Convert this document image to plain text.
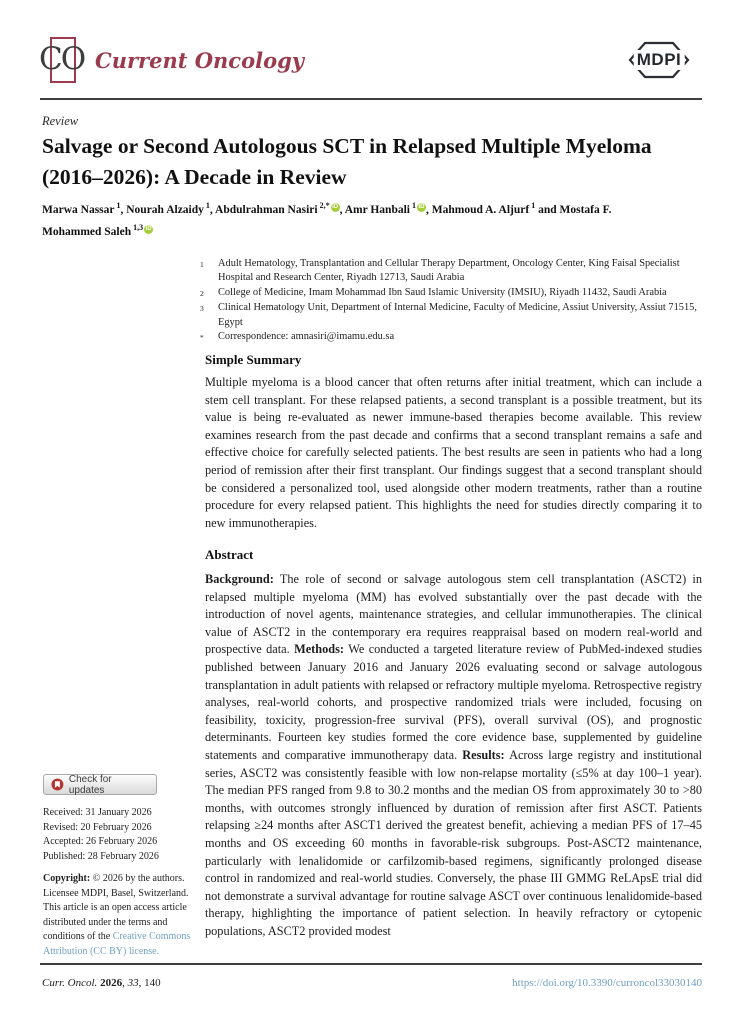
CO Current Oncology	MDPI
Review
Salvage or Second Autologous SCT in Relapsed Multiple Myeloma (2016–2026): A Decade in Review
Marwa Nassar $^1$, Nourah Alzaidy $^1$, Abdulrahman Nasiri $^{2,*}$ iD , Amr Hanbali $^1$ iD , Mahmoud A. Aljurf $^1$ and Mostafa F. Mohammed Saleh $^{1,3}$ iD
1	Adult Hematology, Transplantation and Cellular Therapy Department, Oncology Center, King Faisal Specialist Hospital and Research Center, Riyadh 12713, Saudi Arabia
2	College of Medicine, Imam Mohammad Ibn Saud Islamic University (IMSIU), Riyadh 11432, Saudi Arabia
3	Clinical Hematology Unit, Department of Internal Medicine, Faculty of Medicine, Assiut University, Assiut 71515, Egypt
*	Correspondence: amnasiri@imamu.edu.sa
Simple Summary

Multiple myeloma is a blood cancer that often returns after initial treatment, which can include a stem cell transplant. For these relapsed patients, a second transplant is a possible treatment, but its value is being re-evaluated as newer immune-based therapies become available. This review examines research from the past decade and confirms that a second transplant remains a safe and effective choice for carefully selected patients. The best results are seen in patients who had a long period of remission after their first transplant. Our findings suggest that a second transplant should be considered a personalized tool, used alongside other modern treatments, rather than a routine procedure for every relapsed patient. This highlights the need for studies directly comparing it to new immunotherapies.

Abstract

Background: The role of second or salvage autologous stem cell transplantation (ASCT2) in relapsed multiple myeloma (MM) has evolved substantially over the past decade with the introduction of novel agents, maintenance strategies, and cellular immunotherapies. The clinical value of ASCT2 in the contemporary era requires reappraisal based on modern real-world and prospective data. Methods: We conducted a targeted literature review of PubMed-indexed studies published between January 2016 and January 2026 evaluating second or salvage autologous transplantation in adult patients with relapsed or refractory multiple myeloma. Retrospective registry analyses, real-world cohorts, and prospective randomized trials were included, focusing on feasibility, toxicity, progression-free survival (PFS), overall survival (OS), and prognostic determinants. Fourteen key studies formed the core evidence base, supplemented by guideline statements and comparative immunotherapy data. Results: Across large registry and institutional series, ASCT2 was consistently feasible with low non-relapse mortality (≤5% at day 100–1 year). The median PFS ranged from 9.8 to 30.2 months and the median OS from approximately 30 to >80 months, with outcomes strongly influenced by duration of remission after first ASCT. Patients relapsing ≥24 months after ASCT1 derived the greatest benefit, achieving a median PFS of 17–45 months and OS exceeding 60 months in favorable-risk subgroups. Post-ASCT2 maintenance, particularly with lenalidomide or carfilzomib-based regimens, significantly prolonged disease control in randomized and real-world studies. Conversely, the phase III GMMG ReLApsE trial did not demonstrate a survival advantage for routine salvage ASCT over continuous lenalidomide-based therapy, highlighting the importance of patient selection. In heavily refractory or cytopenic populations, ASCT2 provided modest

Check for updates
Received: 31 January 2026
Revised: 20 February 2026
Accepted: 26 February 2026
Published: 28 February 2026
Copyright: © 2026 by the authors. Licensee MDPI, Basel, Switzerland. This article is an open access article distributed under the terms and conditions of the Creative Commons Attribution (CC BY) license.
Curr. Oncol. 2026, 33, 140	https://doi.org/10.3390/curroncol33030140
